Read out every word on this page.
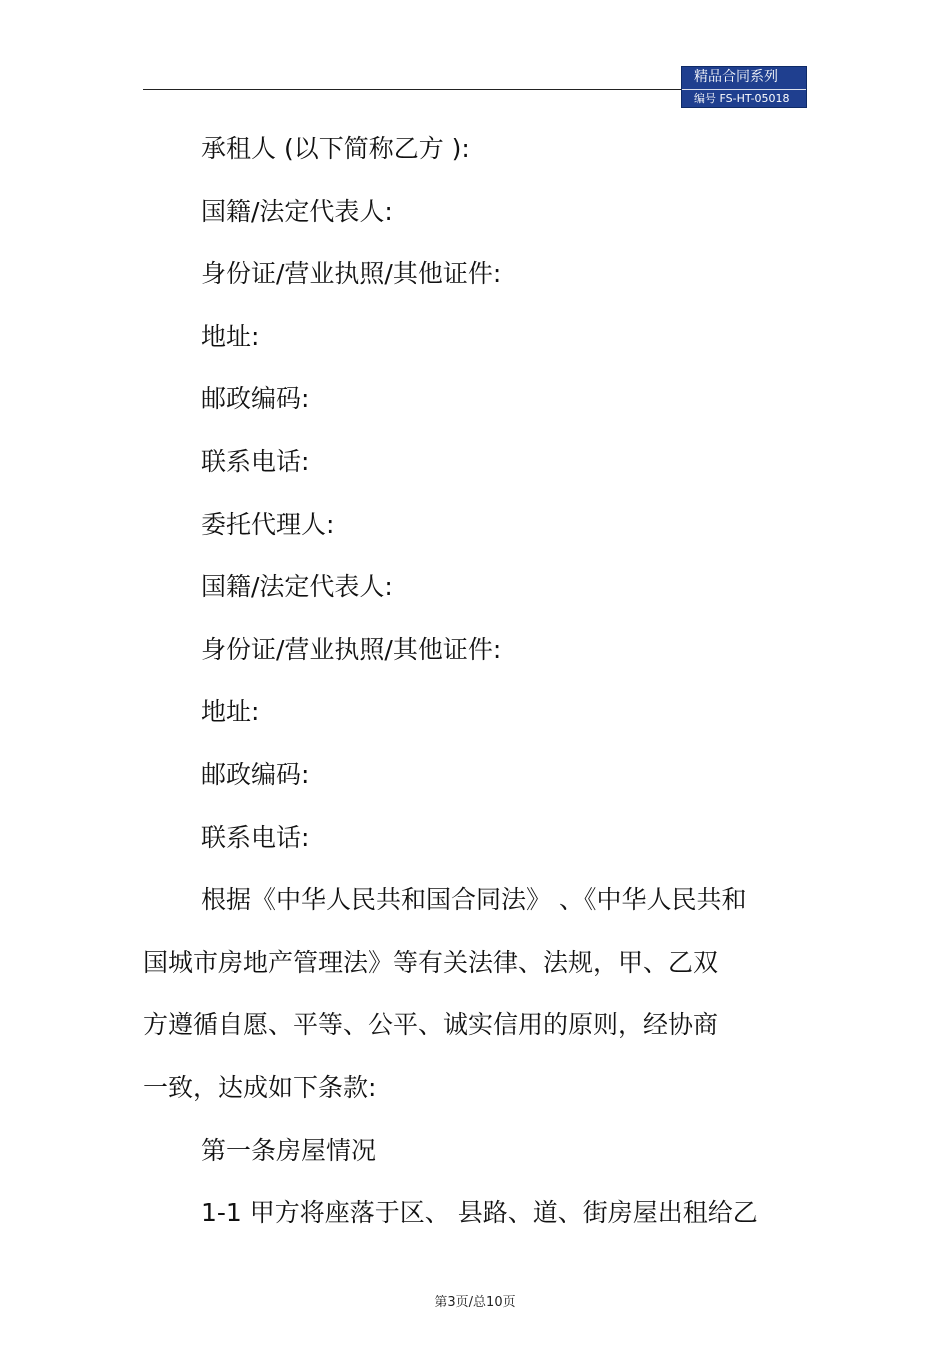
精品合同系列
编号 FS-HT-05018
承租人 (以下简称乙方 ):
国籍/法定代表人:
身份证/营业执照/其他证件:
地址:
邮政编码:
联系电话:
委托代理人:
国籍/法定代表人:
身份证/营业执照/其他证件:
地址:
邮政编码:
联系电话:
根据《中华人民共和国合同法》 、《中华人民共和
国城市房地产管理法》等有关法律、法规，甲、乙双
方遵循自愿、平等、公平、诚实信用的原则，经协商
一致，达成如下条款:
第一条房屋情况
1-1 甲方将座落于区、 县路、道、街房屋出租给乙
第3页/总10页
